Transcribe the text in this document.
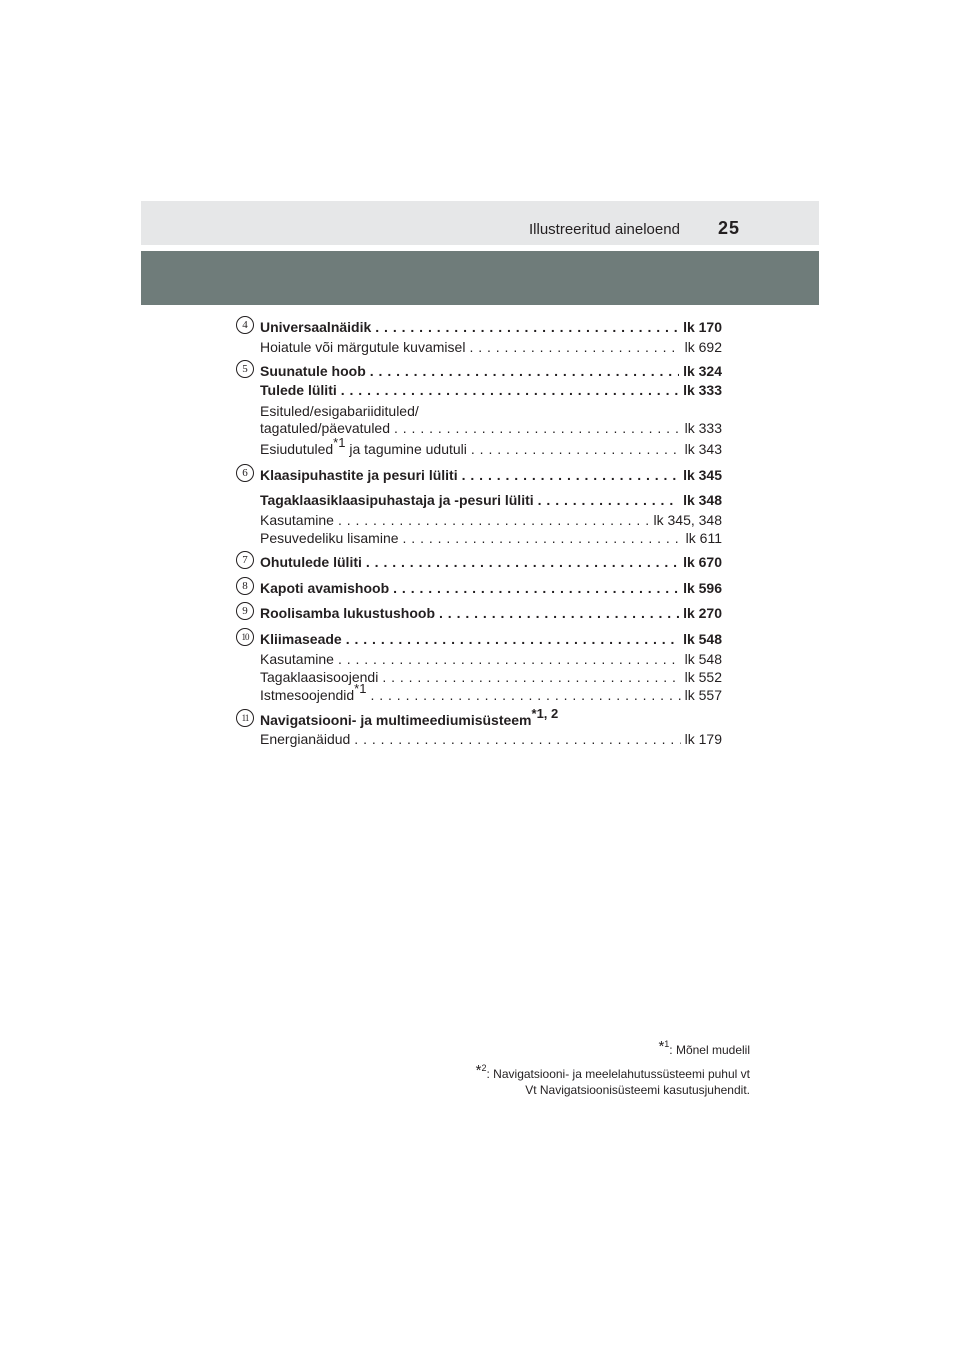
Illustreeritud aineloend 25
4 Universaalnäidik . . .	lk 170
Hoiatule või märgutule kuvamisel . . .	lk 692
5 Suunatule hoob . . .	lk 324
Tulede lüliti . . .	lk 333
Esituled/esigabariidituled/
tagatuled/päevatuled . . .	lk 333
Esiudutuled$^{*1}$ ja tagumine udutuli . . .	lk 343
6 Klaasipuhastite ja pesuri lüliti . . .	lk 345
Tagaklaasiklaasipuhastaja ja -pesuri lüliti . . .	lk 348
Kasutamine . . .	lk 345, 348
Pesuvedeliku lisamine . . .	lk 611
7 Ohutulede lüliti . . .	lk 670
8 Kapoti avamishoob . . .	lk 596
9 Roolisamba lukustushoob . . .	lk 270
10 Kliimaseade . . .	lk 548
Kasutamine . . .	lk 548
Tagaklaasisoojendi . . .	lk 552
Istmesoojendid$^{*1}$ . . .	lk 557
11 Navigatsiooni- ja multimeediumisüsteem$^{*1, 2}$
Energianäidud . . .	lk 179
*$^1$: Mõnel mudelil
*$^2$: Navigatsiooni- ja meelelahutussüsteemi puhul vt
Vt Navigatsioonisüsteemi kasutusjuhendit.
